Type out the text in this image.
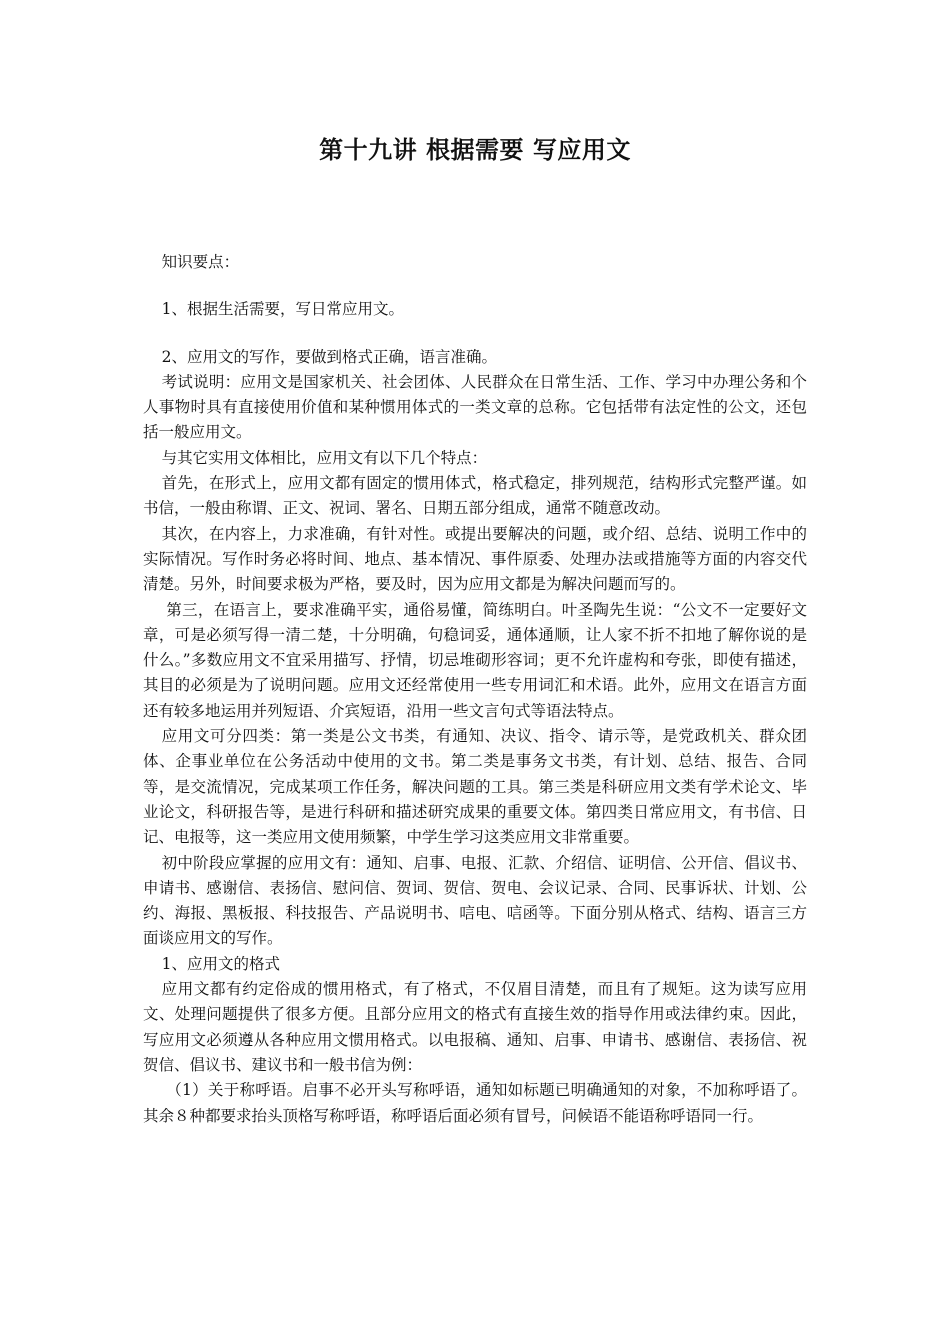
第十九讲 根据需要 写应用文

知识要点：

1、根据生活需要，写日常应用文。

2、应用文的写作，要做到格式正确，语言准确。

考试说明：应用文是国家机关、社会团体、人民群众在日常生活、工作、学习中办理公务和个人事物时具有直接使用价值和某种惯用体式的一类文章的总称。它包括带有法定性的公文，还包括一般应用文。

与其它实用文体相比，应用文有以下几个特点：

首先，在形式上，应用文都有固定的惯用体式，格式稳定，排列规范，结构形式完整严谨。如书信，一般由称谓、正文、祝词、署名、日期五部分组成，通常不随意改动。

其次，在内容上，力求准确，有针对性。或提出要解决的问题，或介绍、总结、说明工作中的实际情况。写作时务必将时间、地点、基本情况、事件原委、处理办法或措施等方面的内容交代清楚。另外，时间要求极为严格，要及时，因为应用文都是为解决问题而写的。

第三，在语言上，要求准确平实，通俗易懂，简练明白。叶圣陶先生说：“公文不一定要好文章，可是必须写得一清二楚，十分明确，句稳词妥，通体通顺，让人家不折不扣地了解你说的是什么。”多数应用文不宜采用描写、抒情，切忌堆砌形容词；更不允许虚构和夸张，即使有描述，其目的必须是为了说明问题。应用文还经常使用一些专用词汇和术语。此外，应用文在语言方面还有较多地运用并列短语、介宾短语，沿用一些文言句式等语法特点。

应用文可分四类：第一类是公文书类，有通知、决议、指令、请示等，是党政机关、群众团体、企事业单位在公务活动中使用的文书。第二类是事务文书类，有计划、总结、报告、合同等，是交流情况，完成某项工作任务，解决问题的工具。第三类是科研应用文类有学术论文、毕业论文，科研报告等，是进行科研和描述研究成果的重要文体。第四类日常应用文，有书信、日记、电报等，这一类应用文使用频繁，中学生学习这类应用文非常重要。

初中阶段应掌握的应用文有：通知、启事、电报、汇款、介绍信、证明信、公开信、倡议书、申请书、感谢信、表扬信、慰问信、贺词、贺信、贺电、会议记录、合同、民事诉状、计划、公约、海报、黑板报、科技报告、产品说明书、唁电、唁函等。下面分别从格式、结构、语言三方面谈应用文的写作。

1、应用文的格式

应用文都有约定俗成的惯用格式，有了格式，不仅眉目清楚，而且有了规矩。这为读写应用文、处理问题提供了很多方便。且部分应用文的格式有直接生效的指导作用或法律约束。因此，写应用文必须遵从各种应用文惯用格式。以电报稿、通知、启事、申请书、感谢信、表扬信、祝贺信、倡议书、建议书和一般书信为例：

（1）关于称呼语。启事不必开头写称呼语，通知如标题已明确通知的对象，不加称呼语了。其余８种都要求抬头顶格写称呼语，称呼语后面必须有冒号，问候语不能语称呼语同一行。
